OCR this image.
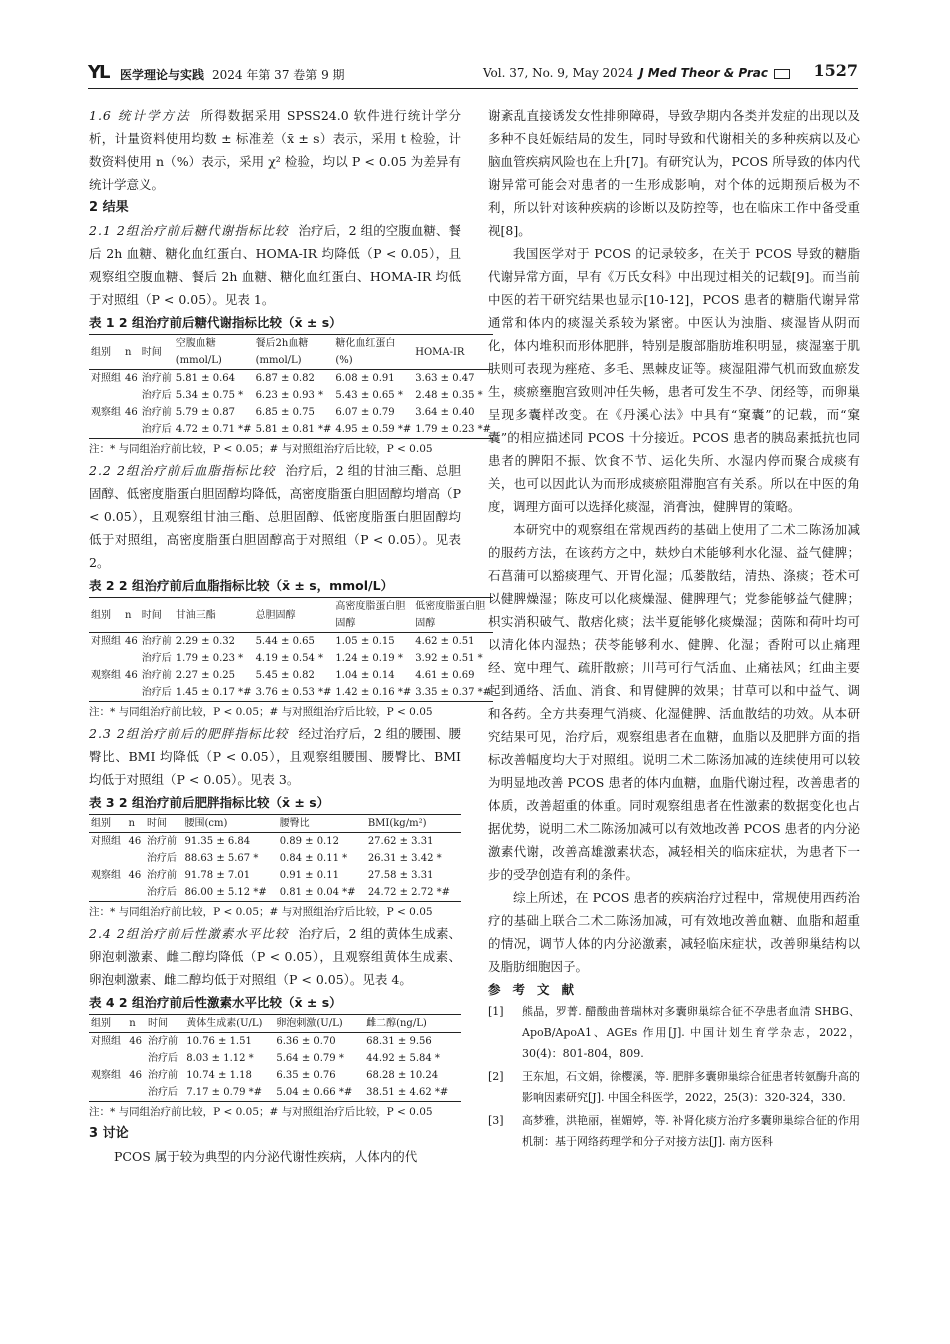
YL 医学理论与实践 2024 年第 37 卷第 9 期	Vol. 37, No. 9, May 2024 J Med Theor & Prac	1527

1.6 统计学方法 所得数据采用 SPSS24.0 软件进行统计学分析，计量资料使用均数 ± 标准差（x̄ ± s）表示，采用 t 检验，计数资料使用 n（%）表示，采用 χ² 检验，均以 P < 0.05 为差异有统计学意义。

2 结果

2.1 2组治疗前后糖代谢指标比较 治疗后，2 组的空腹血糖、餐后 2h 血糖、糖化血红蛋白、HOMA-IR 均降低（P < 0.05），且观察组空腹血糖、餐后 2h 血糖、糖化血红蛋白、HOMA-IR 均低于对照组（P < 0.05）。见表 1。

表 1 2 组治疗前后糖代谢指标比较（x̄ ± s）

组别	n	时间	空腹血糖(mmol/L)	餐后2h血糖(mmol/L)	糖化血红蛋白(%)	HOMA-IR
对照组	46	治疗前	5.81 ± 0.64	6.87 ± 0.82	6.08 ± 0.91	3.63 ± 0.47
		治疗后	5.34 ± 0.75 *	6.23 ± 0.93 *	5.43 ± 0.65 *	2.48 ± 0.35 *
观察组	46	治疗前	5.79 ± 0.87	6.85 ± 0.75	6.07 ± 0.79	3.64 ± 0.40
		治疗后	4.72 ± 0.71 *#	5.81 ± 0.81 *#	4.95 ± 0.59 *#	1.79 ± 0.23 *#

注：* 与同组治疗前比较，P < 0.05；# 与对照组治疗后比较，P < 0.05

2.2 2组治疗前后血脂指标比较 治疗后，2 组的甘油三酯、总胆固醇、低密度脂蛋白胆固醇均降低，高密度脂蛋白胆固醇均增高（P < 0.05），且观察组甘油三酯、总胆固醇、低密度脂蛋白胆固醇均低于对照组，高密度脂蛋白胆固醇高于对照组（P < 0.05）。见表 2。

表 2 2 组治疗前后血脂指标比较（x̄ ± s，mmol/L）

组别	n	时间	甘油三酯	总胆固醇	高密度脂蛋白胆固醇	低密度脂蛋白胆固醇
对照组	46	治疗前	2.29 ± 0.32	5.44 ± 0.65	1.05 ± 0.15	4.62 ± 0.51
		治疗后	1.79 ± 0.23 *	4.19 ± 0.54 *	1.24 ± 0.19 *	3.92 ± 0.51 *
观察组	46	治疗前	2.27 ± 0.25	5.45 ± 0.82	1.04 ± 0.14	4.61 ± 0.69
		治疗后	1.45 ± 0.17 *#	3.76 ± 0.53 *#	1.42 ± 0.16 *#	3.35 ± 0.37 *#

注：* 与同组治疗前比较，P < 0.05；# 与对照组治疗后比较，P < 0.05

2.3 2组治疗前后的肥胖指标比较 经过治疗后，2 组的腰围、腰臀比、BMI 均降低（P < 0.05），且观察组腰围、腰臀比、BMI 均低于对照组（P < 0.05）。见表 3。

表 3 2 组治疗前后肥胖指标比较（x̄ ± s）

组别	n	时间	腰围(cm)	腰臀比	BMI(kg/m²)
对照组	46	治疗前	91.35 ± 6.84	0.89 ± 0.12	27.62 ± 3.31
		治疗后	88.63 ± 5.67 *	0.84 ± 0.11 *	26.31 ± 3.42 *
观察组	46	治疗前	91.78 ± 7.01	0.91 ± 0.11	27.58 ± 3.31
		治疗后	86.00 ± 5.12 *#	0.81 ± 0.04 *#	24.72 ± 2.72 *#

注：* 与同组治疗前比较，P < 0.05；# 与对照组治疗后比较，P < 0.05

2.4 2组治疗前后性激素水平比较 治疗后，2 组的黄体生成素、卵泡刺激素、雌二醇均降低（P < 0.05），且观察组黄体生成素、卵泡刺激素、雌二醇均低于对照组（P < 0.05）。见表 4。

表 4 2 组治疗前后性激素水平比较（x̄ ± s）

组别	n	时间	黄体生成素(U/L)	卵泡刺激(U/L)	雌二醇(ng/L)
对照组	46	治疗前	10.76 ± 1.51	6.36 ± 0.70	68.31 ± 9.56
		治疗后	8.03 ± 1.12 *	5.64 ± 0.79 *	44.92 ± 5.84 *
观察组	46	治疗前	10.74 ± 1.18	6.35 ± 0.76	68.28 ± 10.24
		治疗后	7.17 ± 0.79 *#	5.04 ± 0.66 *#	38.51 ± 4.62 *#

注：* 与同组治疗前比较，P < 0.05；# 与对照组治疗后比较，P < 0.05

3 讨论

PCOS 属于较为典型的内分泌代谢性疾病，人体内的代

谢紊乱直接诱发女性排卵障碍，导致孕期内各类并发症的出现以及多种不良妊娠结局的发生，同时导致和代谢相关的多种疾病以及心脑血管疾病风险也在上升[7]。有研究认为，PCOS 所导致的体内代谢异常可能会对患者的一生形成影响，对个体的远期预后极为不利，所以针对该种疾病的诊断以及防控等，也在临床工作中备受重视[8]。

我国医学对于 PCOS 的记录较多，在关于 PCOS 导致的糖脂代谢异常方面，早有《万氏女科》中出现过相关的记载[9]。而当前中医的若干研究结果也显示[10-12]，PCOS 患者的糖脂代谢异常通常和体内的痰湿关系较为紧密。中医认为浊脂、痰湿皆从阴而化，体内堆积而形体肥胖，特别是腹部脂肪堆积明显，痰湿塞于肌肤则可表现为痤疮、多毛、黑棘皮证等。痰湿阻滞气机而致血瘀发生，痰瘀壅胞宫致则冲任失畅，患者可发生不孕、闭经等，而卵巢呈现多囊样改变。在《丹溪心法》中具有“窠囊”的记载，而“窠囊”的相应描述同 PCOS 十分接近。PCOS 患者的胰岛素抵抗也同患者的脾阳不振、饮食不节、运化失所、水湿内停而聚合成痰有关，也可以因此认为而形成痰瘀阻滞胞宫有关系。所以在中医的角度，调理方面可以选择化痰湿，消膏浊，健脾胃的策略。

本研究中的观察组在常规西药的基础上使用了二术二陈汤加减的服药方法，在该药方之中，麸炒白术能够利水化湿、益气健脾；石菖蒲可以豁痰理气、开胃化湿；瓜蒌散结，清热、涤痰；苍术可以健脾燥湿；陈皮可以化痰燥湿、健脾理气；党参能够益气健脾；枳实消积破气、散痞化痰；法半夏能够化痰燥湿；茵陈和荷叶均可以清化体内湿热；茯苓能够利水、健脾、化湿；香附可以止痛理经、宽中理气、疏肝散瘀；川芎可行气活血、止痛祛风；红曲主要起到通络、活血、消食、和胃健脾的效果；甘草可以和中益气、调和各药。全方共奏理气消痰、化湿健脾、活血散结的功效。从本研究结果可见，治疗后，观察组患者在血糖，血脂以及肥胖方面的指标改善幅度均大于对照组。说明二术二陈汤加减的连续使用可以较为明显地改善 PCOS 患者的体内血糖，血脂代谢过程，改善患者的体质，改善超重的体重。同时观察组患者在性激素的数据变化也占据优势，说明二术二陈汤加减可以有效地改善 PCOS 患者的内分泌激素代谢，改善高雄激素状态，减轻相关的临床症状，为患者下一步的受孕创造有利的条件。

综上所述，在 PCOS 患者的疾病治疗过程中，常规使用西药治疗的基础上联合二术二陈汤加减，可有效地改善血糖、血脂和超重的情况，调节人体的内分泌激素，减轻临床症状，改善卵巢结构以及脂肪细胞因子。

参考文献

[1]	熊晶，罗菁. 醋酸曲普瑞林对多囊卵巢综合征不孕患者血清 SHBG、ApoB/ApoA1、AGEs 作用[J]. 中国计划生育学杂志，2022，30(4)：801-804，809.
[2]	王东旭，石文娟，徐樱溪，等. 肥胖多囊卵巢综合征患者转氨酶升高的影响因素研究[J]. 中国全科医学，2022，25(3)：320-324，330.
[3]	高梦雅，洪艳丽，崔媚婷，等. 补肾化痰方治疗多囊卵巢综合征的作用机制：基于网络药理学和分子对接方法[J]. 南方医科
